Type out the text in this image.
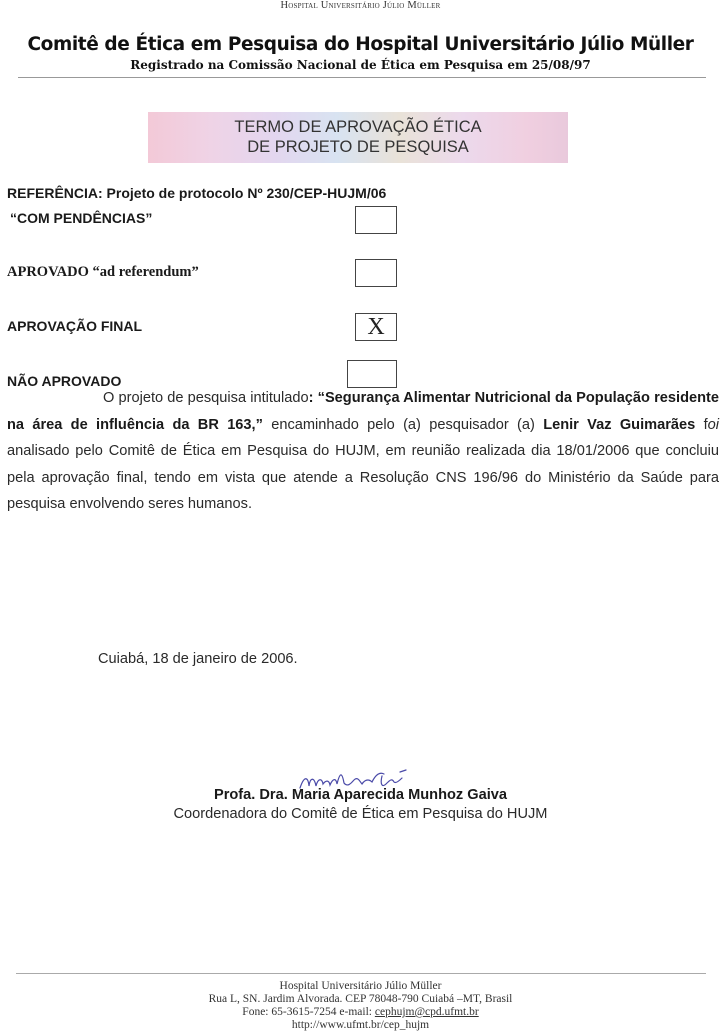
Hospital Universitário Júlio Müller
Comitê de Ética em Pesquisa do Hospital Universitário Júlio Müller
Registrado na Comissão Nacional de Ética em Pesquisa em 25/08/97
TERMO DE APROVAÇÃO ÉTICA
DE PROJETO DE PESQUISA
REFERÊNCIA: Projeto de protocolo Nº 230/CEP-HUJM/06
“COM PENDÊNCIAS”
APROVADO “ad referendum”
APROVAÇÃO FINAL	X
NÃO APROVADO
O projeto de pesquisa intitulado: “Segurança Alimentar Nutricional da População residente na área de influência da BR 163,” encaminhado pelo (a) pesquisador (a) Lenir Vaz Guimarães foi analisado pelo Comitê de Ética em Pesquisa do HUJM, em reunião realizada dia 18/01/2006 que concluiu pela aprovação final, tendo em vista que atende a Resolução CNS 196/96 do Ministério da Saúde para pesquisa envolvendo seres humanos.
Cuiabá, 18 de janeiro de 2006.
Profa. Dra. Maria Aparecida Munhoz Gaiva
Coordenadora do Comitê de Ética em Pesquisa do HUJM
Hospital Universitário Júlio Müller
Rua L, SN. Jardim Alvorada. CEP 78048-790 Cuiabá –MT, Brasil
Fone: 65-3615-7254 e-mail: cephujm@cpd.ufmt.br
http://www.ufmt.br/cep_hujm
